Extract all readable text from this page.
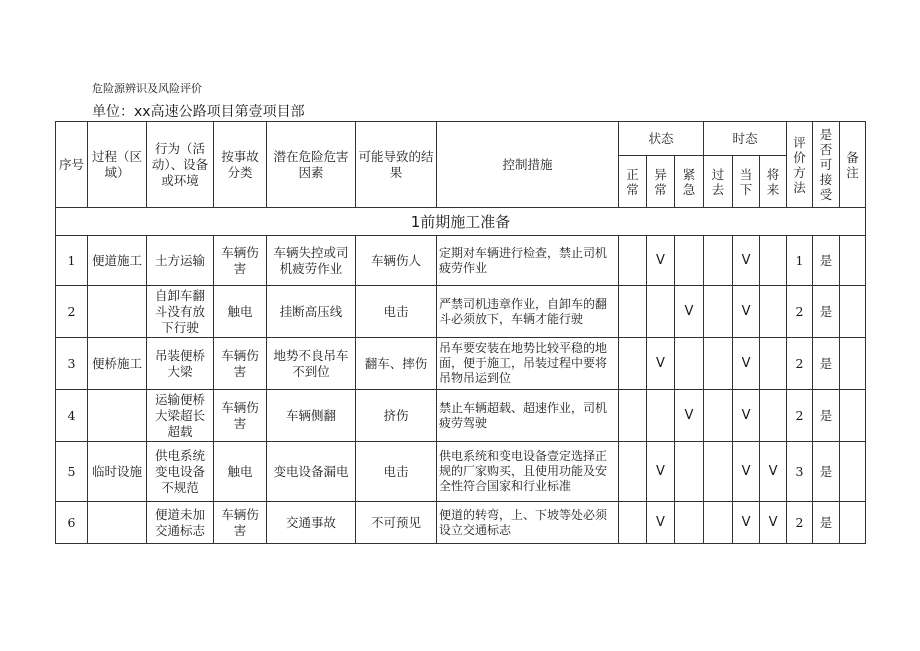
危险源辨识及风险评价
单位：xx高速公路项目第壹项目部
序号	过程（区域）	行为（活动）、设备或环境	按事故分类	潜在危险危害因素	可能导致的结果	控制措施	状态			时态			评价方法	是否可接受	备注
							正常	异常	紧急	过去	当下	将来			
1前期施工准备															
1	便道施工	土方运输	车辆伤害	车辆失控或司机疲劳作业	车辆伤人	定期对车辆进行检查，禁止司机疲劳作业		V			V		1	是	
2		自卸车翻斗没有放下行驶	触电	挂断高压线	电击	严禁司机违章作业，自卸车的翻斗必须放下，车辆才能行驶			V		V		2	是	
3	便桥施工	吊装便桥大梁	车辆伤害	地势不良吊车不到位	翻车、摔伤	吊车要安装在地势比较平稳的地面，便于施工，吊装过程中要将吊物吊运到位		V			V		2	是	
4		运输便桥大梁超长超载	车辆伤害	车辆侧翻	挤伤	禁止车辆超载、超速作业，司机疲劳驾驶			V		V		2	是	
5	临时设施	供电系统变电设备不规范	触电	变电设备漏电	电击	供电系统和变电设备壹定选择正规的厂家购买，且使用功能及安全性符合国家和行业标准		V			V	V	3	是	
6		便道未加交通标志	车辆伤害	交通事故	不可预见	便道的转弯，上、下坡等处必须设立交通标志		V			V	V	2	是	
